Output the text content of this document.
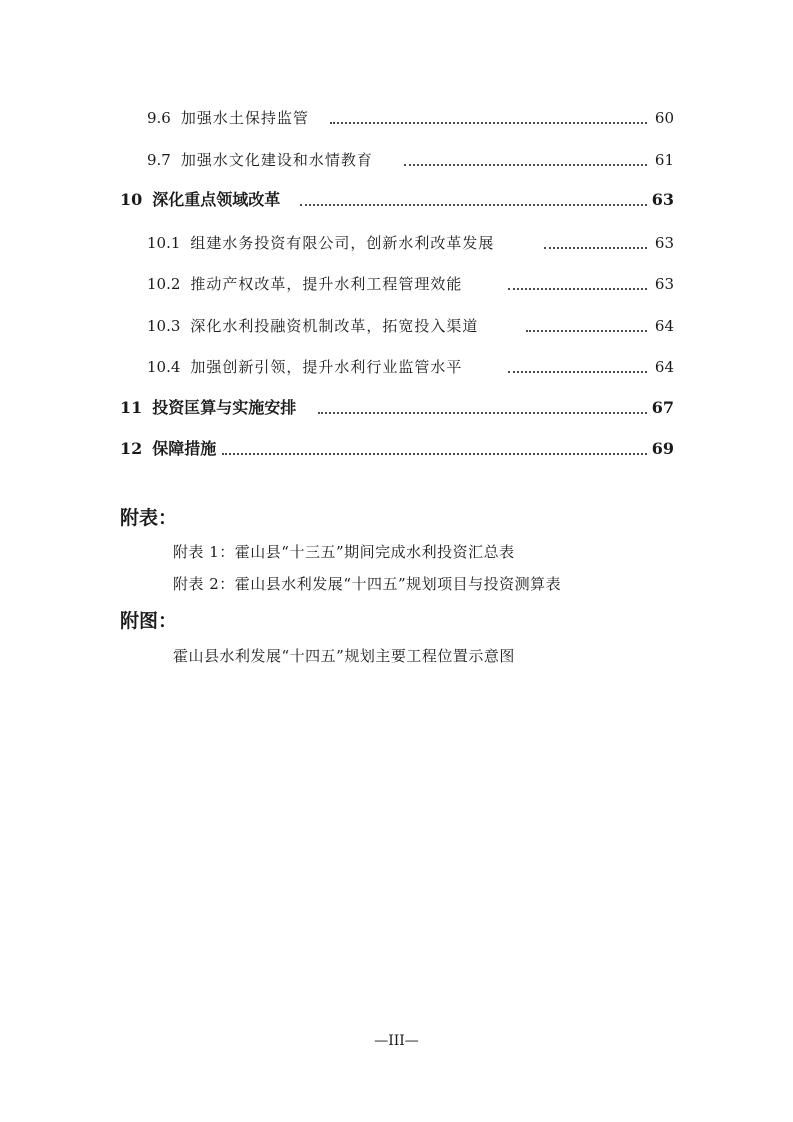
9.6 加强水土保持监管	60
9.7 加强水文化建设和水情教育	61
10 深化重点领域改革	63
10.1 组建水务投资有限公司，创新水利改革发展	63
10.2 推动产权改革，提升水利工程管理效能	63
10.3 深化水利投融资机制改革，拓宽投入渠道	64
10.4 加强创新引领，提升水利行业监管水平	64
11 投资匡算与实施安排	67
12 保障措施	69
附表：
附表 1：霍山县“十三五”期间完成水利投资汇总表
附表 2：霍山县水利发展“十四五”规划项目与投资测算表
附图：
霍山县水利发展“十四五”规划主要工程位置示意图
—III—
